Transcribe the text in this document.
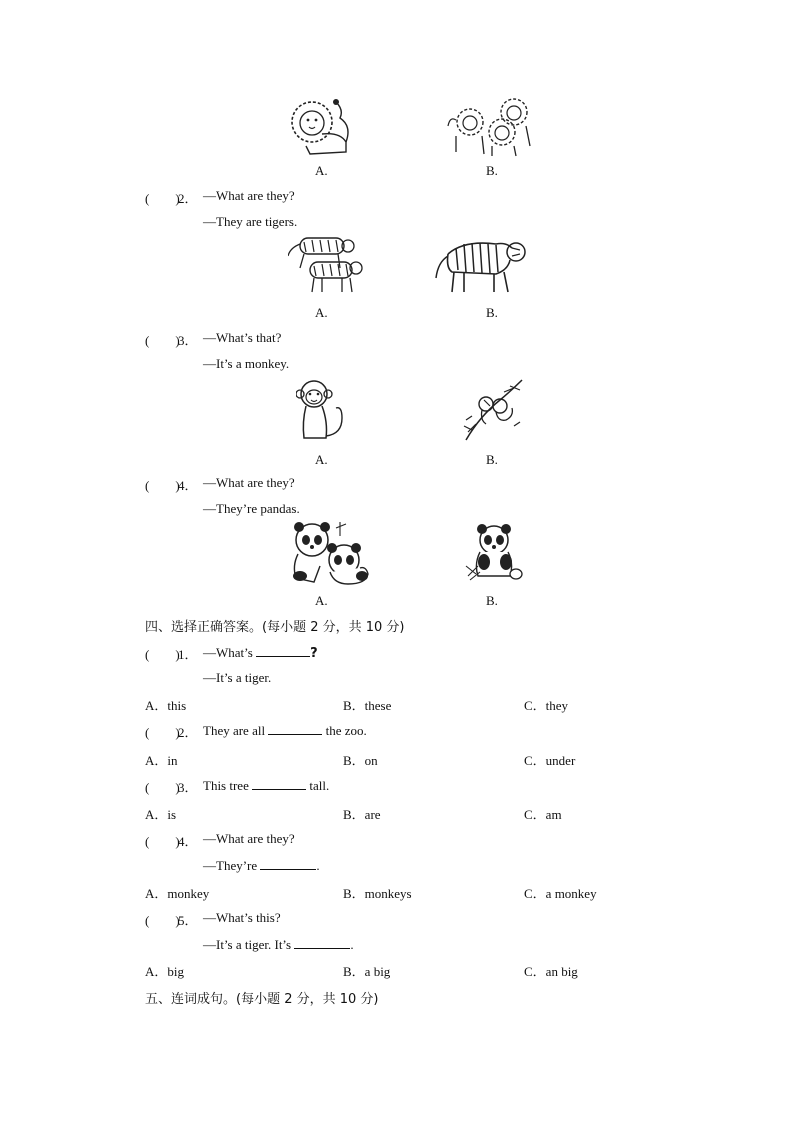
A.	B.
(　　)
2． —What are they?
—They are tigers.
A.	B.
(　　)
3． —What’s that?
—It’s a monkey.
A.	B.
(　　)
4． —What are they?
—They’re pandas.
A.	B.
四、选择正确答案。(每小题 2 分，共 10 分)
(　　)
1． —What’s	?
—It’s a tiger.
A．this	B．these	C．they
(　　)
2． They are all	the zoo.
A．in	B．on	C．under
(　　)
3． This tree	tall.
A．is	B．are	C．am
(　　)
4． —What are they?
—They’re	.
A．monkey	B．monkeys	C．a monkey
(　　)
5． —What’s this?
—It’s a tiger. It’s	.
A．big	B．a big	C．an big
五、连词成句。(每小题 2 分，共 10 分)
